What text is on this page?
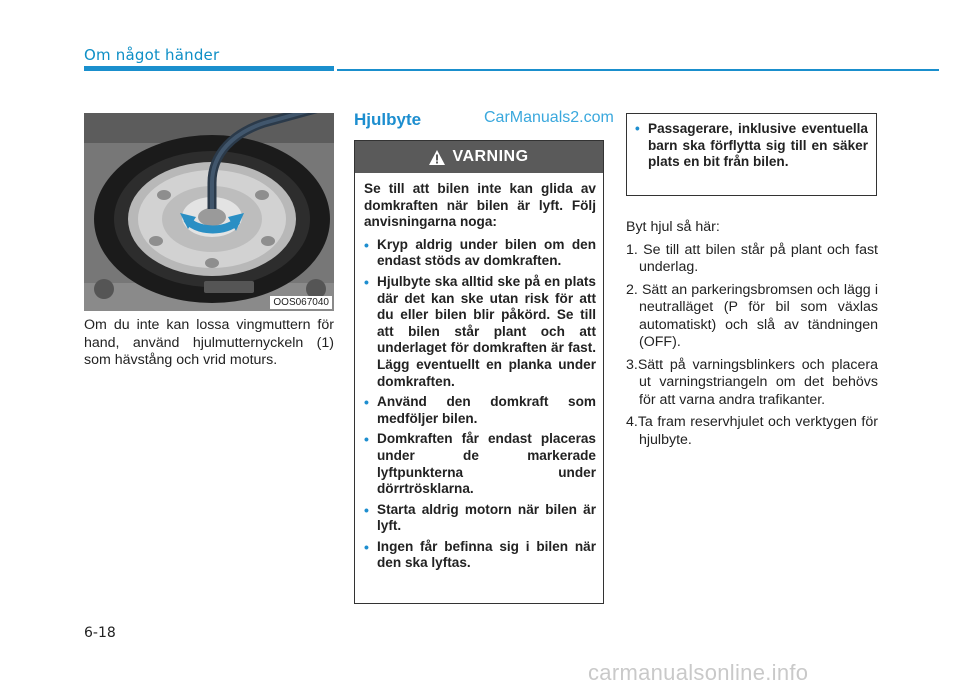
Om något händer
OOS067040
Om du inte kan lossa vingmuttern för hand, använd hjulmutternyckeln (1) som hävstång och vrid moturs.
Hjulbyte	CarManuals2.com
VARNING

Se till att bilen inte kan glida av domkraften när bilen är lyft. Följ anvisningarna noga:

• Kryp aldrig under bilen om den endast stöds av domkraften.
• Hjulbyte ska alltid ske på en plats där det kan ske utan risk för att du eller bilen blir påkörd. Se till att bilen står plant och att underlaget för domkraften är fast. Lägg eventuellt en planka under domkraften.
• Använd den domkraft som medföljer bilen.
• Domkraften får endast placeras under de markerade lyftpunkterna under dörrtrösklarna.
• Starta aldrig motorn när bilen är lyft.
• Ingen får befinna sig i bilen när den ska lyftas.
• Passagerare, inklusive eventuella barn ska förflytta sig till en säker plats en bit från bilen.

Byt hjul så här:

1. Se till att bilen står på plant och fast underlag.
2. Sätt an parkeringsbromsen och lägg i neutralläget (P för bil som växlas automatiskt) och slå av tändningen (OFF).
3.Sätt på varningsblinkers och placera ut varningstriangeln om det behövs för att varna andra trafikanter.
4.Ta fram reservhjulet och verktygen för hjulbyte.
6-18
carmanualsonline.info
